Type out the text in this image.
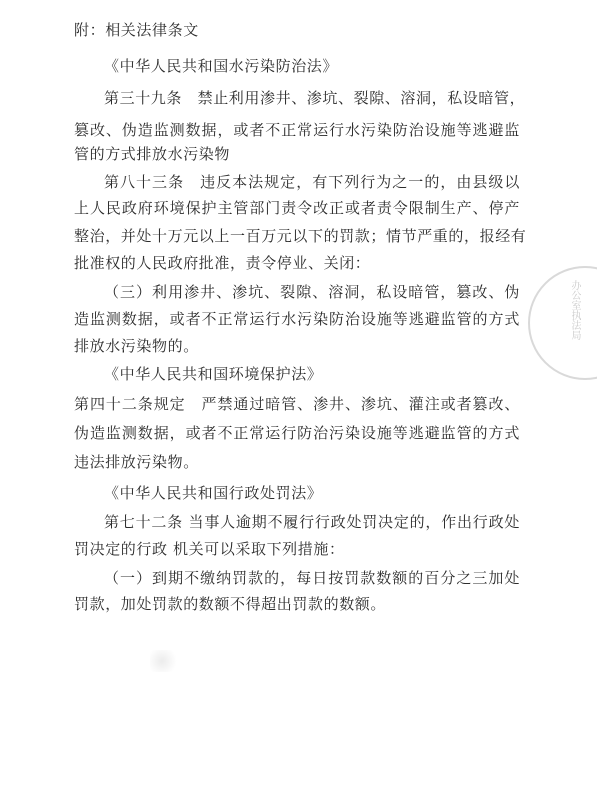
附：相关法律条文
《中华人民共和国水污染防治法》
第三十九条　禁止利用渗井、渗坑、裂隙、溶洞，私设暗管，
篡改、伪造监测数据，或者不正常运行水污染防治设施等逃避监
管的方式排放水污染物
第八十三条　违反本法规定，有下列行为之一的，由县级以
上人民政府环境保护主管部门责令改正或者责令限制生产、停产
整治，并处十万元以上一百万元以下的罚款；情节严重的，报经有
批准权的人民政府批准，责令停业、关闭：
（三）利用渗井、渗坑、裂隙、溶洞，私设暗管，篡改、伪
造监测数据，或者不正常运行水污染防治设施等逃避监管的方式
排放水污染物的。
《中华人民共和国环境保护法》
第四十二条规定　严禁通过暗管、渗井、渗坑、灌注或者篡改、
伪造监测数据，或者不正常运行防治污染设施等逃避监管的方式
违法排放污染物。
《中华人民共和国行政处罚法》
第七十二条 当事人逾期不履行行政处罚决定的，作出行政处
罚决定的行政 机关可以采取下列措施：
（一）到期不缴纳罚款的，每日按罚款数额的百分之三加处
罚款，加处罚款的数额不得超出罚款的数额。
办公室执法局
